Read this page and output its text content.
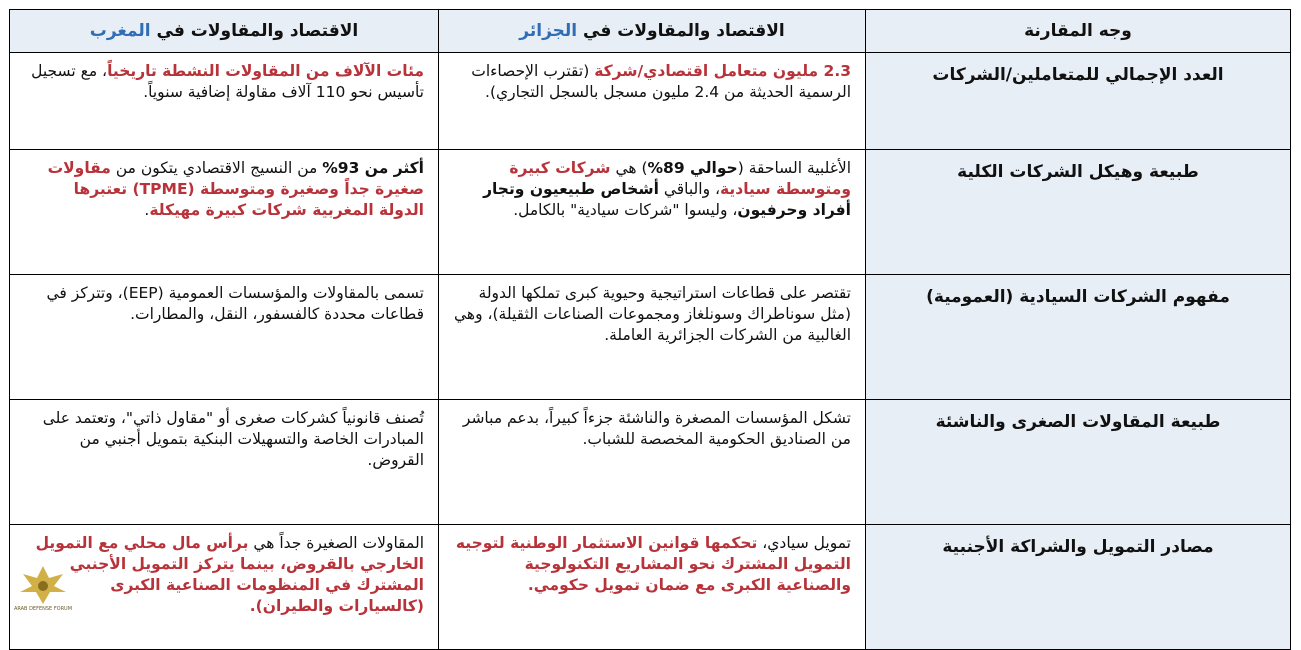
وجه المقارنة	الاقتصاد والمقاولات في الجزائر	الاقتصاد والمقاولات في المغرب
العدد الإجمالي للمتعاملين/الشركات	2.3 مليون متعامل اقتصادي/شركة (تقترب الإحصاءات الرسمية الحديثة من 2.4 مليون مسجل بالسجل التجاري).	مئات الآلاف من المقاولات النشطة تاريخياً، مع تسجيل تأسيس نحو 110 آلاف مقاولة إضافية سنوياً.
طبيعة وهيكل الشركات الكلية	الأغلبية الساحقة (حوالي 89%) هي شركات كبيرة ومتوسطة سيادية، والباقي أشخاص طبيعيون وتجار أفراد وحرفيون، وليسوا "شركات سيادية" بالكامل.	أكثر من 93% من النسيج الاقتصادي يتكون من مقاولات صغيرة جداً وصغيرة ومتوسطة (TPME) تعتبرها الدولة المغربية شركات كبيرة مهيكلة.
مفهوم الشركات السيادية (العمومية)	تقتصر على قطاعات استراتيجية وحيوية كبرى تملكها الدولة (مثل سوناطراك وسونلغاز ومجموعات الصناعات الثقيلة)، وهي الغالبية من الشركات الجزائرية العاملة.	تسمى بالمقاولات والمؤسسات العمومية (EEP)، وتتركز في قطاعات محددة كالفسفور، النقل، والمطارات.
طبيعة المقاولات الصغرى والناشئة	تشكل المؤسسات المصغرة والناشئة جزءاً كبيراً، بدعم مباشر من الصناديق الحكومية المخصصة للشباب.	تُصنف قانونياً كشركات صغرى أو "مقاول ذاتي"، وتعتمد على المبادرات الخاصة والتسهيلات البنكية بتمويل أجنبي من القروض.
مصادر التمويل والشراكة الأجنبية	تمويل سيادي، تحكمها قوانين الاستثمار الوطنية لتوجيه التمويل المشترك نحو المشاريع التكنولوجية والصناعية الكبرى مع ضمان تمويل حكومي.	المقاولات الصغيرة جداً هي برأس مال محلي مع التمويل الخارجي بالقروض، بينما يتركز التمويل الأجنبي المشترك في المنظومات الصناعية الكبرى (كالسيارات والطيران).
ARAB DEFENSE FORUM
